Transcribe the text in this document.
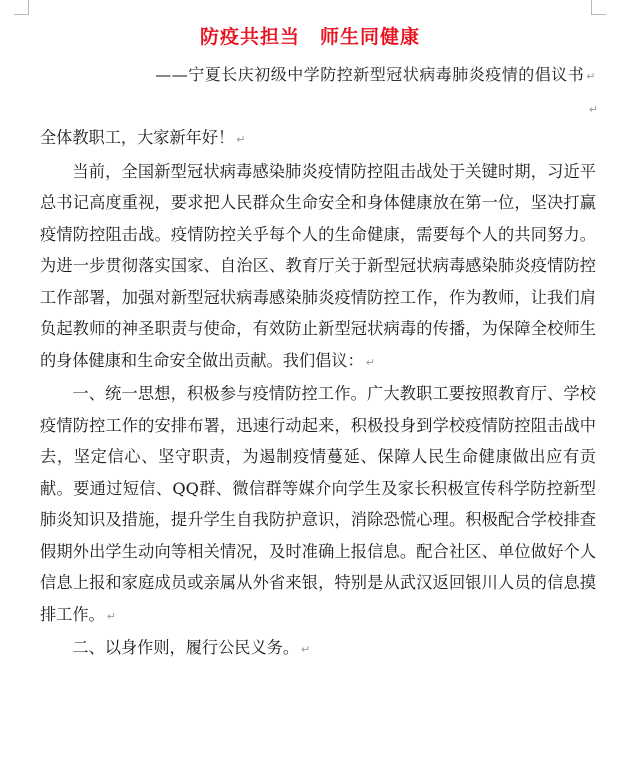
防疫共担当　师生同健康
——宁夏长庆初级中学防控新型冠状病毒肺炎疫情的倡议书 ↵
↵

全体教职工，大家新年好！ ↵

当前，全国新型冠状病毒感染肺炎疫情防控阻击战处于关键时期，习近平总书记高度重视，要求把人民群众生命安全和身体健康放在第一位，坚决打赢疫情防控阻击战。疫情防控关乎每个人的生命健康，需要每个人的共同努力。为进一步贯彻落实国家、自治区、教育厅关于新型冠状病毒感染肺炎疫情防控工作部署，加强对新型冠状病毒感染肺炎疫情防控工作，作为教师，让我们肩负起教师的神圣职责与使命，有效防止新型冠状病毒的传播，为保障全校师生的身体健康和生命安全做出贡献。我们倡议： ↵

一、统一思想，积极参与疫情防控工作。广大教职工要按照教育厅、学校疫情防控工作的安排布署，迅速行动起来，积极投身到学校疫情防控阻击战中去，坚定信心、坚守职责，为遏制疫情蔓延、保障人民生命健康做出应有贡献。要通过短信、QQ群、微信群等媒介向学生及家长积极宣传科学防控新型肺炎知识及措施，提升学生自我防护意识，消除恐慌心理。积极配合学校排查假期外出学生动向等相关情况，及时准确上报信息。配合社区、单位做好个人信息上报和家庭成员或亲属从外省来银，特别是从武汉返回银川人员的信息摸排工作。 ↵

二、以身作则，履行公民义务。 ↵
